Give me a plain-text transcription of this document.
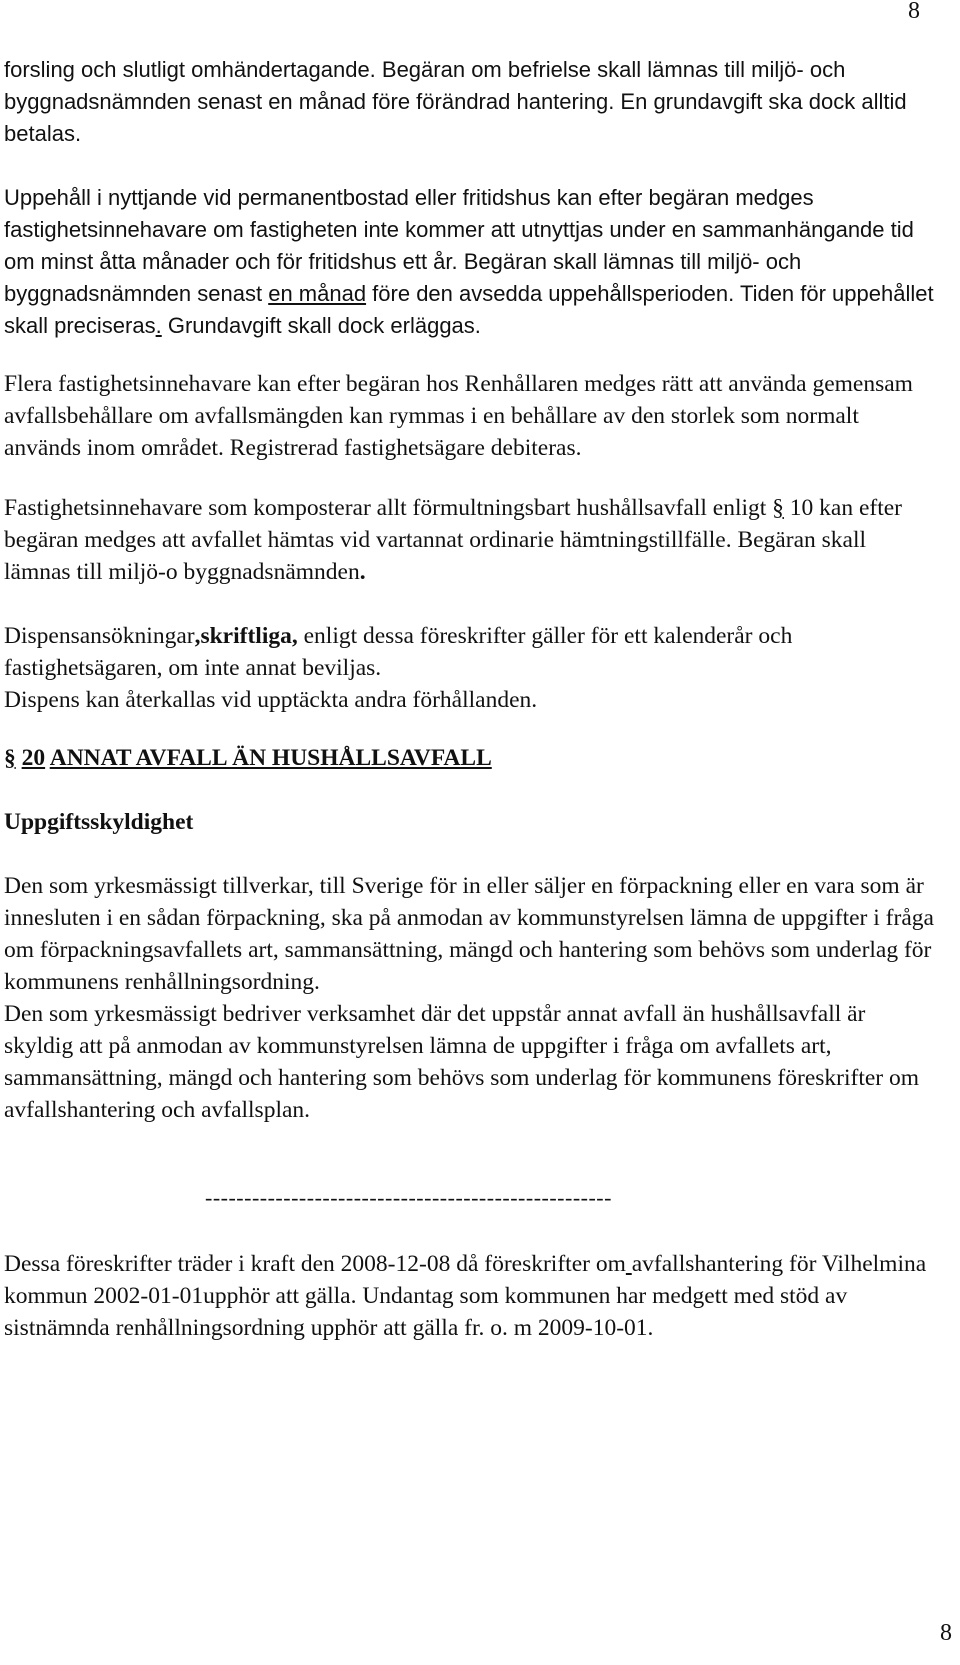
8

forsling och slutligt omhändertagande. Begäran om befrielse skall lämnas till miljö- och byggnadsnämnden senast en månad före förändrad hantering. En grundavgift ska dock alltid betalas.

Uppehåll i nyttjande vid permanentbostad eller fritidshus kan efter begäran medges fastighetsinnehavare om fastigheten inte kommer att utnyttjas under en sammanhängande tid om minst åtta månader och för fritidshus ett år. Begäran skall lämnas till miljö- och byggnadsnämnden senast en månad före den avsedda uppehållsperioden. Tiden för uppehållet skall preciseras. Grundavgift skall dock erläggas.

Flera fastighetsinnehavare kan efter begäran hos Renhållaren medges rätt att använda gemensam avfallsbehållare om avfallsmängden kan rymmas i en behållare av den storlek som normalt används inom området. Registrerad fastighetsägare debiteras.

Fastighetsinnehavare som komposterar allt förmultningsbart hushållsavfall enligt § 10 kan efter begäran medges att avfallet hämtas vid vartannat ordinarie hämtningstillfälle. Begäran skall lämnas till miljö-o byggnadsnämnden.

Dispensansökningar,skriftliga, enligt dessa föreskrifter gäller för ett kalenderår och fastighetsägaren, om inte annat beviljas.
Dispens kan återkallas vid upptäckta andra förhållanden.

§ 20 ANNAT AVFALL ÄN HUSHÅLLSAVFALL
Uppgiftsskyldighet

Den som yrkesmässigt tillverkar, till Sverige för in eller säljer en förpackning eller en vara som är innesluten i en sådan förpackning, ska på anmodan av kommunstyrelsen lämna de uppgifter i fråga om förpackningsavfallets art, sammansättning, mängd och hantering som behövs som underlag för kommunens renhållningsordning.
Den som yrkesmässigt bedriver verksamhet där det uppstår annat avfall än hushållsavfall är skyldig att på anmodan av kommunstyrelsen lämna de uppgifter i fråga om avfallets art, sammansättning, mängd och hantering som behövs som underlag för kommunens föreskrifter om avfallshantering och avfallsplan.

----------------------------------------------------

Dessa föreskrifter träder i kraft den 2008-12-08 då föreskrifter om avfallshantering för Vilhelmina kommun 2002-01-01upphör att gälla. Undantag som kommunen har medgett med stöd av sistnämnda renhållningsordning upphör att gälla fr. o. m 2009-10-01.

8
